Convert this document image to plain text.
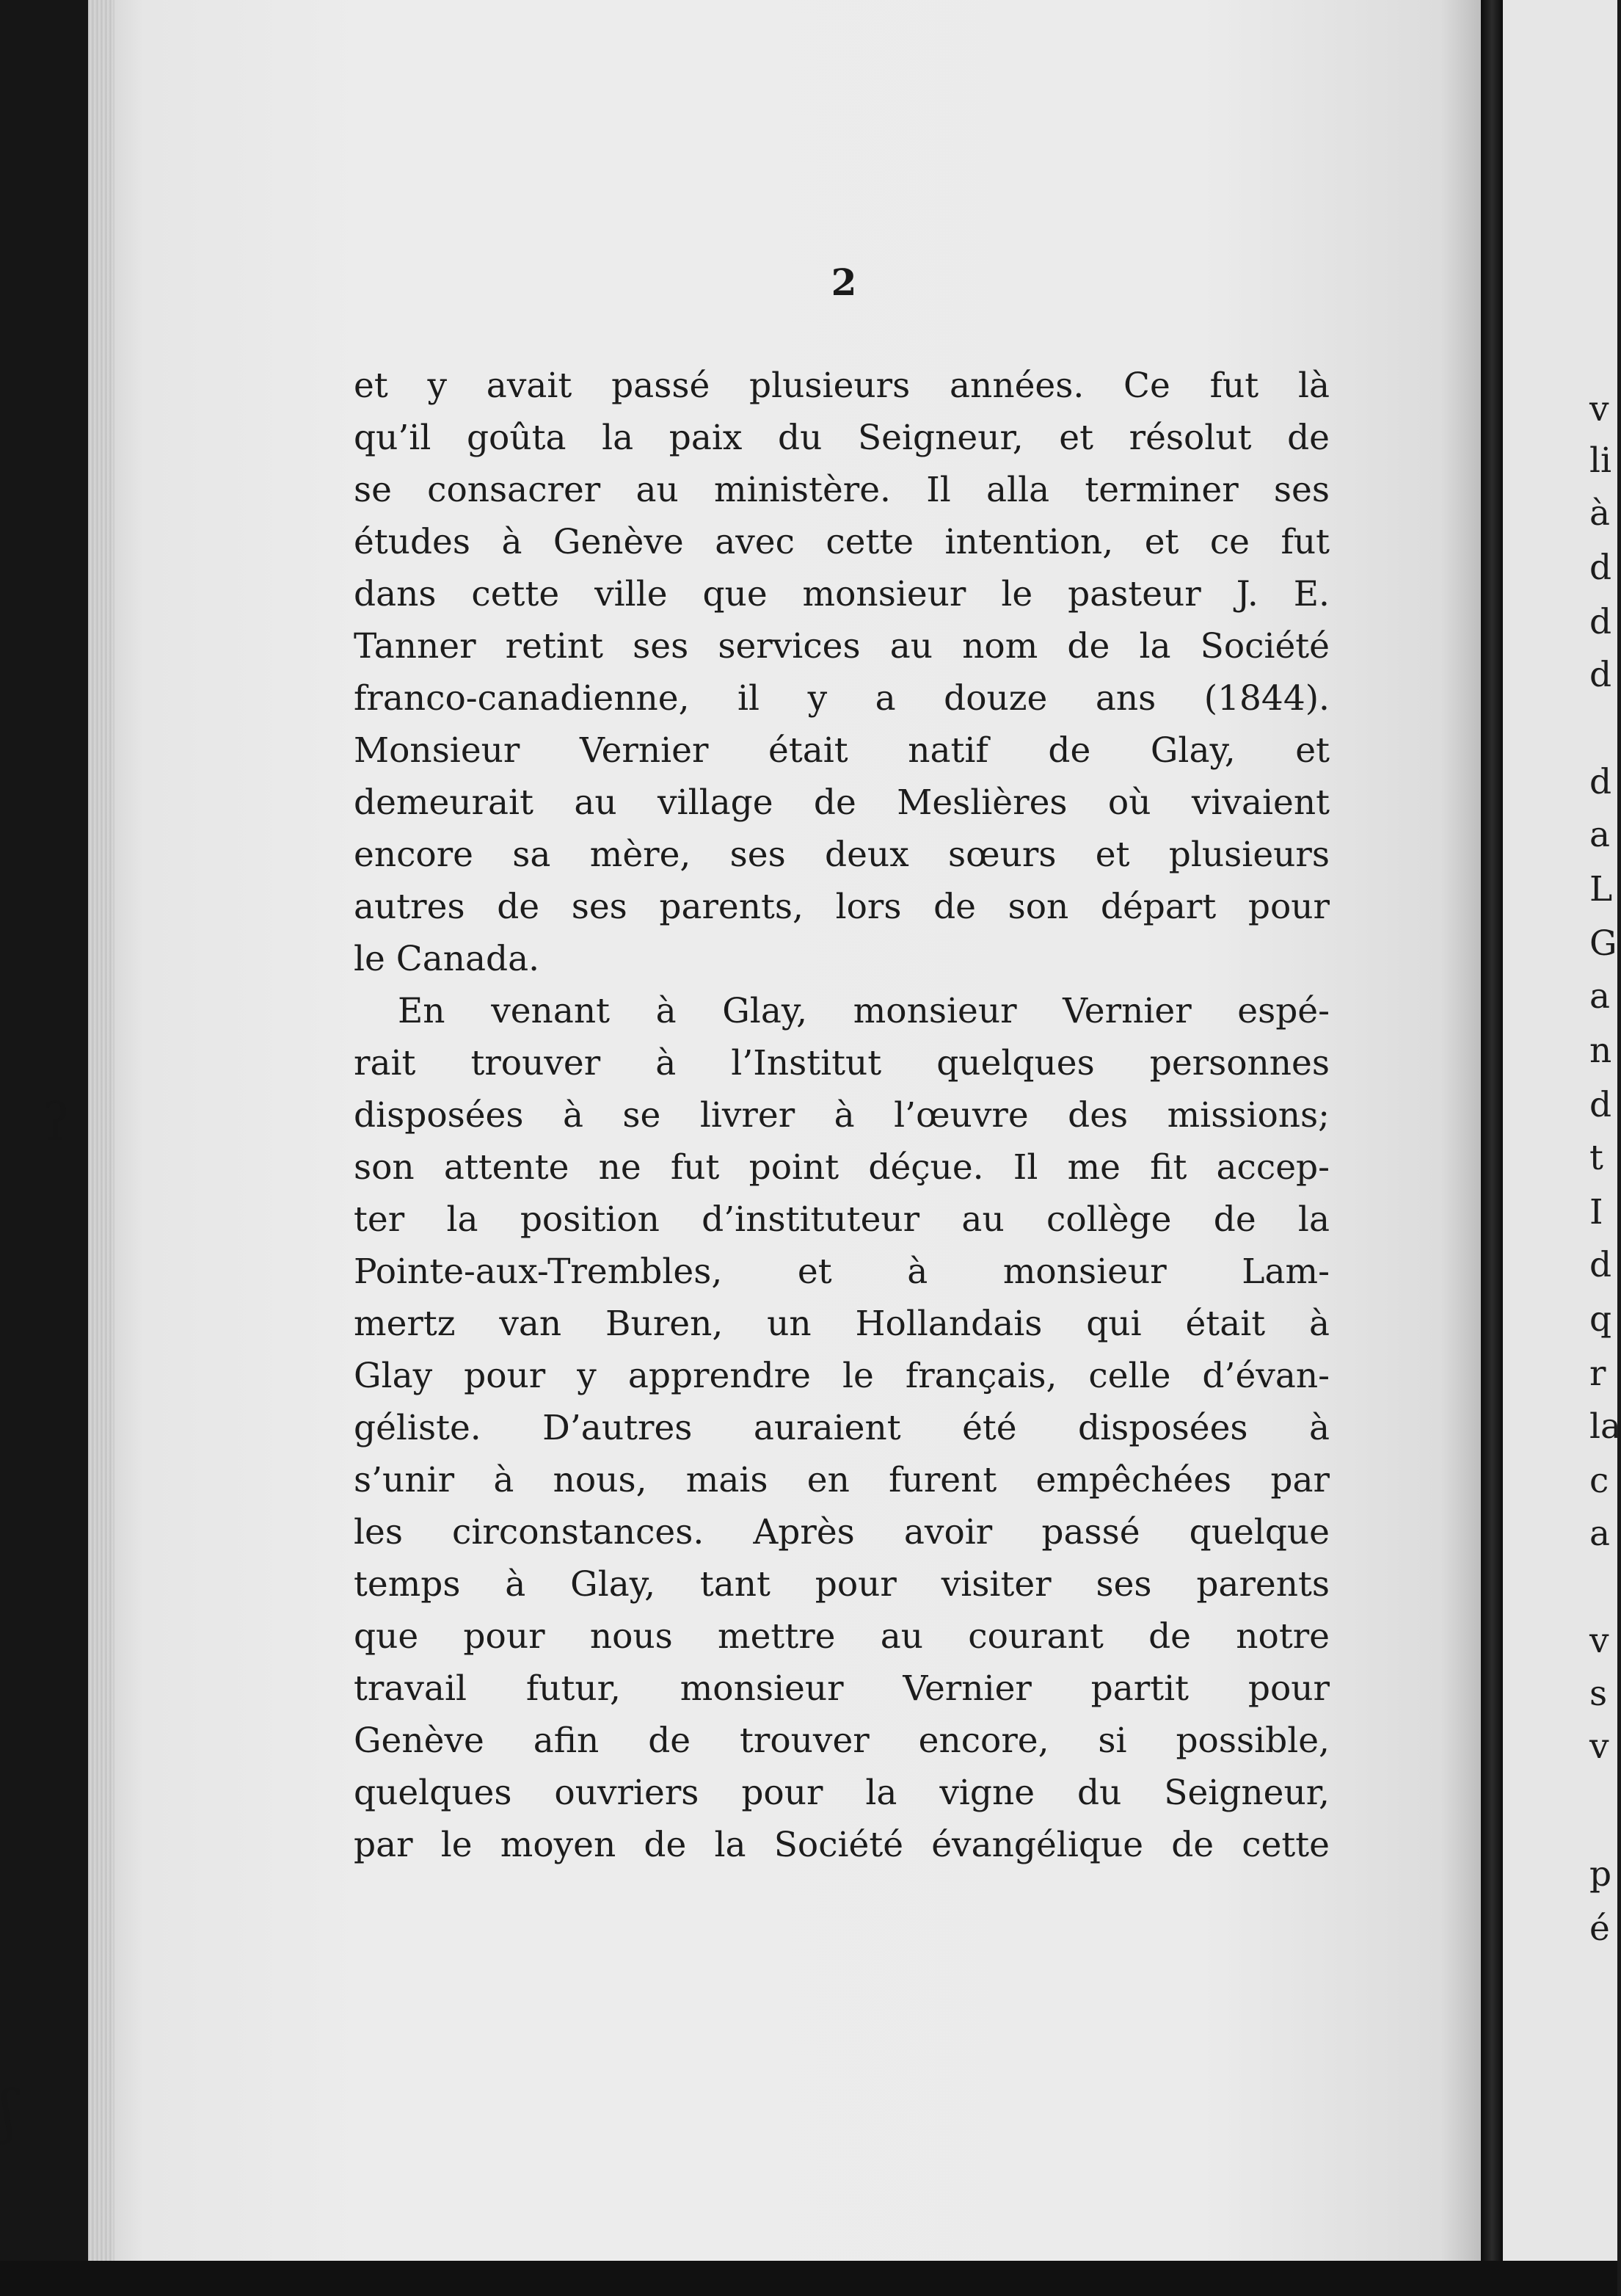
2
et y avait passé plusieurs années. Ce fut là
qu’il goûta la paix du Seigneur, et résolut de
se consacrer au ministère. Il alla terminer ses
études à Genève avec cette intention, et ce fut
dans cette ville que monsieur le pasteur J. E.
Tanner retint ses services au nom de la Société
franco-canadienne, il y a douze ans (1844).
Monsieur Vernier était natif de Glay, et
demeurait au village de Meslières où vivaient
encore sa mère, ses deux sœurs et plusieurs
autres de ses parents, lors de son départ pour
le Canada.
En venant à Glay, monsieur Vernier espé-
rait trouver à l’Institut quelques personnes
disposées à se livrer à l’œuvre des missions;
son attente ne fut point déçue. Il me fit accep-
ter la position d’instituteur au collège de la
Pointe-aux-Trembles, et à monsieur Lam-
mertz van Buren, un Hollandais qui était à
Glay pour y apprendre le français, celle d’évan-
géliste. D’autres auraient été disposées à
s’unir à nous, mais en furent empêchées par
les circonstances. Après avoir passé quelque
temps à Glay, tant pour visiter ses parents
que pour nous mettre au courant de notre
travail futur, monsieur Vernier partit pour
Genève afin de trouver encore, si possible,
quelques ouvriers pour la vigne du Seigneur,
par le moyen de la Société évangélique de cette
v
li
à
d
d
d
d
a
L
G
a
n
d
t
I
d
q
r
la
c
a
v
s
v
p
é
ʔ
ʃ
